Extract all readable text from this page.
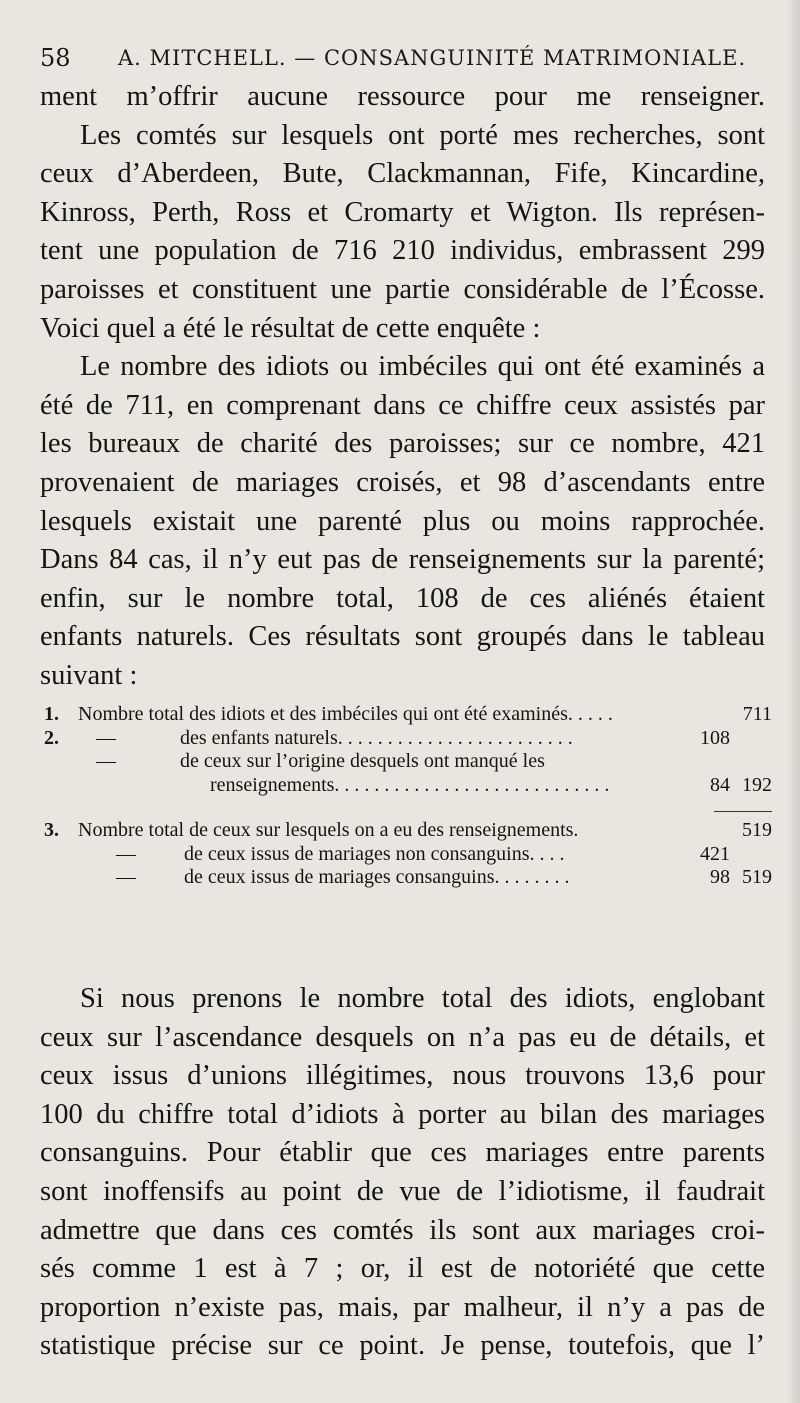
58 A. MITCHELL. — CONSANGUINITÉ MATRIMONIALE.

ment m’offrir aucune ressource pour me renseigner.

Les comtés sur lesquels ont porté mes recherches, sont

ceux d’Aberdeen, Bute, Clackmannan, Fife, Kincardine,

Kinross, Perth, Ross et Cromarty et Wigton. Ils représen-

tent une population de 716 210 individus, embrassent 299

paroisses et constituent une partie considérable de l’Écosse.

Voici quel a été le résultat de cette enquête :

Le nombre des idiots ou imbéciles qui ont été examinés a

été de 711, en comprenant dans ce chiffre ceux assistés par

les bureaux de charité des paroisses; sur ce nombre, 421

provenaient de mariages croisés, et 98 d’ascendants entre

lesquels existait une parenté plus ou moins rapprochée.

Dans 84 cas, il n’y eut pas de renseignements sur la parenté;

enfin, sur le nombre total, 108 de ces aliénés étaient

enfants naturels. Ces résultats sont groupés dans le tableau

suivant :

1. Nombre total des idiots et des imbéciles qui ont été examinés. . . . .	711
2. —	des enfants naturels. . . . . . . . . . . . . . . . . . . . . . . .	108
—	de ceux sur l’origine desquels ont manqué les
renseignements. . . . . . . . . . . . . . . . . . . . . . . . . . . .	84 192
3. Nombre total de ceux sur lesquels on a eu des renseignements.	519
— de ceux issus de mariages non consanguins. . . .	421
— de ceux issus de mariages consanguins. . . . . . . .	98 519

Si nous prenons le nombre total des idiots, englobant

ceux sur l’ascendance desquels on n’a pas eu de détails, et

ceux issus d’unions illégitimes, nous trouvons 13,6 pour

100 du chiffre total d’idiots à porter au bilan des mariages

consanguins. Pour établir que ces mariages entre parents

sont inoffensifs au point de vue de l’idiotisme, il faudrait

admettre que dans ces comtés ils sont aux mariages croi-

sés comme 1 est à 7 ; or, il est de notoriété que cette

proportion n’existe pas, mais, par malheur, il n’y a pas de

statistique précise sur ce point. Je pense, toutefois, que l’
